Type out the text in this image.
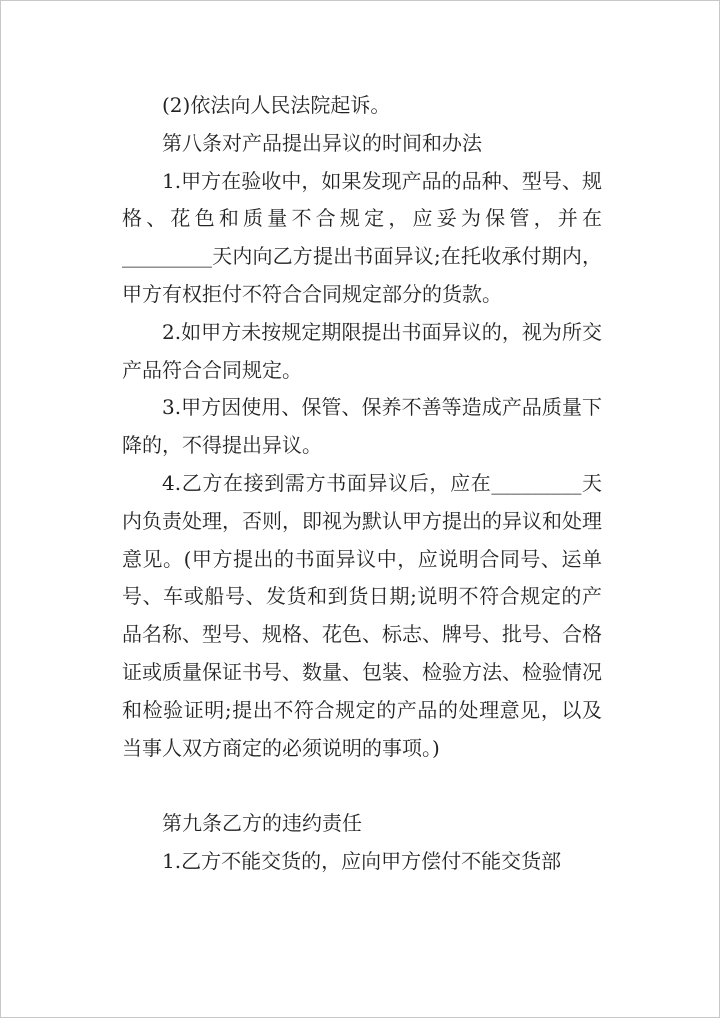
(2)依法向人民法院起诉。

第八条对产品提出异议的时间和办法

1.甲方在验收中，如果发现产品的品种、型号、规格、花色和质量不合规定，应妥为保管，并在_________天内向乙方提出书面异议;在托收承付期内，甲方有权拒付不符合合同规定部分的货款。

2.如甲方未按规定期限提出书面异议的，视为所交产品符合合同规定。

3.甲方因使用、保管、保养不善等造成产品质量下降的，不得提出异议。

4.乙方在接到需方书面异议后，应在_________天内负责处理，否则，即视为默认甲方提出的异议和处理意见。(甲方提出的书面异议中，应说明合同号、运单号、车或船号、发货和到货日期;说明不符合规定的产品名称、型号、规格、花色、标志、牌号、批号、合格证或质量保证书号、数量、包装、检验方法、检验情况和检验证明;提出不符合规定的产品的处理意见，以及当事人双方商定的必须说明的事项。)

第九条乙方的违约责任

1.乙方不能交货的，应向甲方偿付不能交货部
